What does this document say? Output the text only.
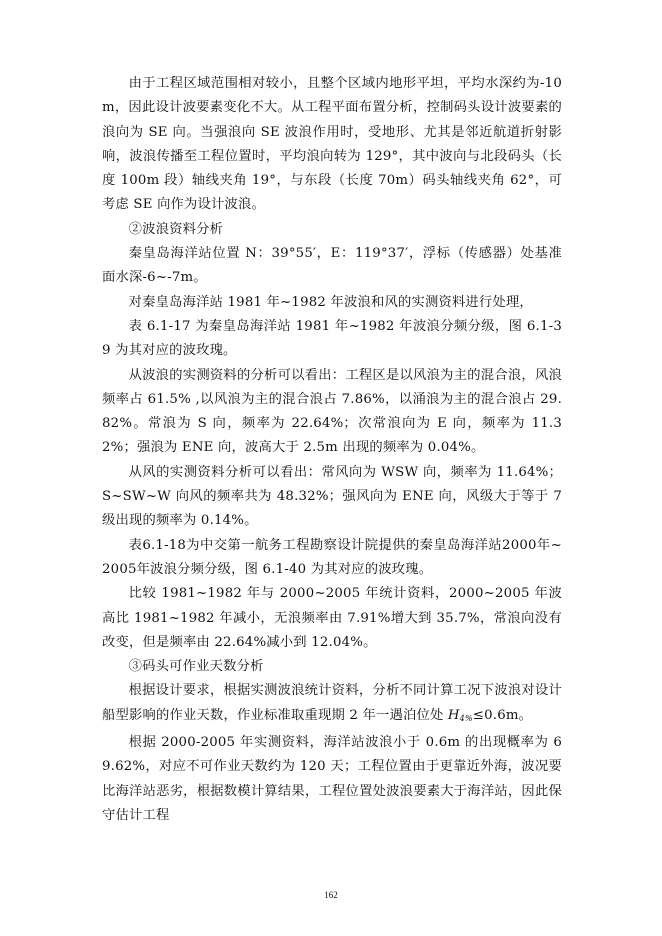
由于工程区域范围相对较小，且整个区域内地形平坦，平均水深约为-10m，因此设计波要素变化不大。从工程平面布置分析，控制码头设计波要素的浪向为 SE 向。当强浪向 SE 波浪作用时，受地形、尤其是邻近航道折射影响，波浪传播至工程位置时，平均浪向转为 129°，其中波向与北段码头（长度 100m 段）轴线夹角 19°，与东段（长度 70m）码头轴线夹角 62°，可考虑 SE 向作为设计波浪。

②波浪资料分析

秦皇岛海洋站位置 N：39°55′，E：119°37′，浮标（传感器）处基准面水深-6~-7m。

对秦皇岛海洋站 1981 年~1982 年波浪和风的实测资料进行处理，

表 6.1-17 为秦皇岛海洋站 1981 年~1982 年波浪分频分级，图 6.1-39 为其对应的波玫瑰。

从波浪的实测资料的分析可以看出：工程区是以风浪为主的混合浪，风浪频率占 61.5% ,以风浪为主的混合浪占 7.86%，以涌浪为主的混合浪占 29.82%。常浪为 S 向，频率为 22.64%；次常浪向为 E 向，频率为 11.32%；强浪为 ENE 向，波高大于 2.5m 出现的频率为 0.04%。

从风的实测资料分析可以看出：常风向为 WSW 向，频率为 11.64%；S~SW~W 向风的频率共为 48.32%；强风向为 ENE 向，风级大于等于 7 级出现的频率为 0.14%。

表6.1-18为中交第一航务工程勘察设计院提供的秦皇岛海洋站2000年~2005年波浪分频分级，图 6.1-40 为其对应的波玫瑰。

比较 1981~1982 年与 2000~2005 年统计资料，2000~2005 年波高比 1981~1982 年减小，无浪频率由 7.91%增大到 35.7%，常浪向没有改变，但是频率由 22.64%减小到 12.04%。

③码头可作业天数分析

根据设计要求，根据实测波浪统计资料，分析不同计算工况下波浪对设计船型影响的作业天数，作业标准取重现期 2 年一遇泊位处 $H_{4\%}\le 0.6m$。

根据 2000-2005 年实测资料，海洋站波浪小于 0.6m 的出现概率为 69.62%，对应不可作业天数约为 120 天；工程位置由于更靠近外海，波况要比海洋站恶劣，根据数模计算结果，工程位置处波浪要素大于海洋站，因此保守估计工程

162
